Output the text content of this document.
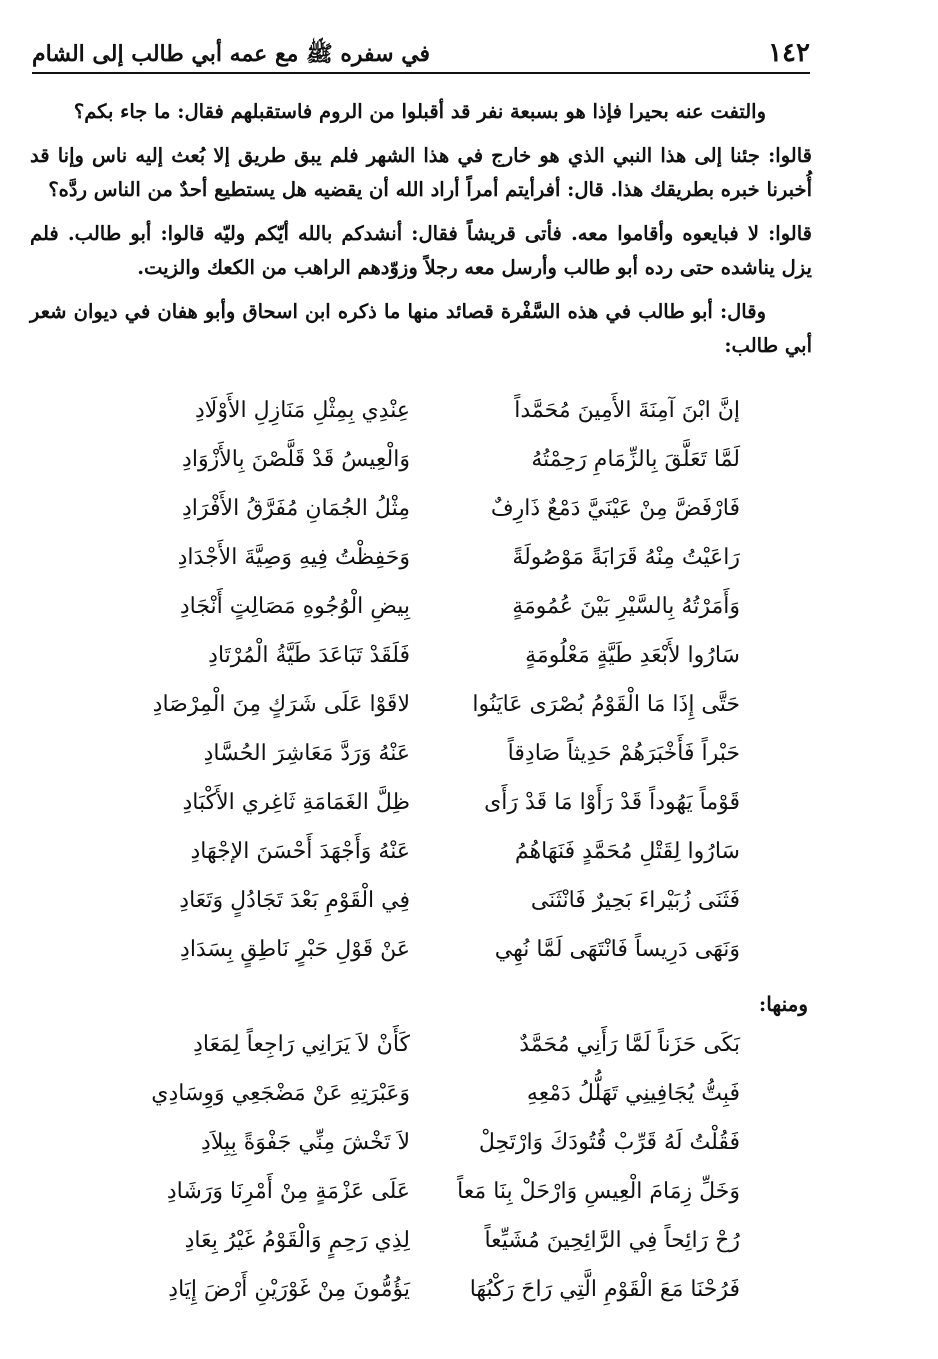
١٤٢
في سفره ﷺ مع عمه أبي طالب إلى الشام

والتفت عنه بحيرا فإذا هو بسبعة نفر قد أقبلوا من الروم فاستقبلهم فقال: ما جاء بكم؟

قالوا: جئنا إلى هذا النبي الذي هو خارج في هذا الشهر فلم يبق طريق إلا بُعث إليه ناس وإنا قد أُخبرنا خبره بطريقك هذا. قال: أفرأيتم أمراً أراد الله أن يقضيه هل يستطيع أحدٌ من الناس ردَّه؟

قالوا: لا فبايعوه وأقاموا معه. فأتى قريشاً فقال: أنشدكم بالله أيّكم وليّه قالوا: أبو طالب. فلم يزل يناشده حتى رده أبو طالب وأرسل معه رجلاً وزوّدهم الراهب من الكعك والزيت.

وقال: أبو طالب في هذه السَّفْرة قصائد منها ما ذكره ابن اسحاق وأبو هفان في ديوان شعر أبي طالب:

إنَّ ابْنَ آمِنَةَ الأَمِينَ مُحَمَّداً
عِنْدِي بِمِثْلِ مَنَازِلِ الأَوْلَادِ
لَمَّا تَعَلَّقَ بِالزِّمَامِ رَحِمْتُهُ
وَالْعِيسُ قَدْ قَلَّصْنَ بِالأَزْوَادِ
فَارْفَضَّ مِنْ عَيْنَيَّ دَمْعٌ ذَارِفٌ
مِثْلُ الجُمَانِ مُفَرَّقُ الأَفْرَادِ
رَاعَيْتُ مِنْهُ قَرَابَةً مَوْصُولَةً
وَحَفِظْتُ فِيهِ وَصِيَّةَ الأَجْدَادِ
وَأَمَرْتُهُ بِالسَّيْرِ بَيْنَ عُمُومَةٍ
بِيضِ الْوُجُوهِ مَصَالِتٍ أَنْجَادِ
سَارُوا لأَبْعَدِ طَيَّةٍ مَعْلُومَةٍ
فَلَقَدْ تَبَاعَدَ طَيَّةُ الْمُرْتَادِ
حَتَّى إِذَا مَا الْقَوْمُ بُصْرَى عَايَنُوا
لاقَوْا عَلَى شَرَكٍ مِنَ الْمِرْصَادِ
حَبْراً فَأَخْبَرَهُمْ حَدِيثاً صَادِقاً
عَنْهُ وَرَدَّ مَعَاشِرَ الحُسَّادِ
قَوْماً يَهُوداً قَدْ رَأَوْا مَا قَدْ رَأَى
ظِلَّ الغَمَامَةِ ثَاغِري الأَكْبَادِ
سَارُوا لِقَتْلِ مُحَمَّدٍ فَنَهَاهُمُ
عَنْهُ وَأَجْهَدَ أَحْسَنَ الإجْهَادِ
فَثَنَى زُبَيْراءَ بَحِيرٌ فَانْثَنَى
فِي الْقَوْمِ بَعْدَ تَجَادُلٍ وَتَعَادِ
وَنَهَى دَرِيساً فَانْتَهَى لَمَّا نُهِي
عَنْ قَوْلِ حَبْرٍ نَاطِقٍ بِسَدَادِ
ومنها:
بَكَى حَزَناً لَمَّا رَأَنِي مُحَمَّدٌ
كَأَنْ لاَ يَرَانِي رَاجِعاً لِمَعَادِ
فَبِتُّ يُجَافِينِي تَهَلُّلُ دَمْعِهِ
وَعَبْرَتِهِ عَنْ مَضْجَعِي وَوِسَادِي
فَقُلْتُ لَهُ قَرِّبْ قُتُودَكَ وَارْتَحِلْ
لاَ تَخْشَ مِنِّي جَفْوَةً بِبِلاَدِ
وَخَلِّ زِمَامَ الْعِيسِ وَارْحَلْ بِنَا مَعاً
عَلَى عَزْمَةٍ مِنْ أَمْرِنَا وَرَشَادِ
رُحْ رَائِحاً فِي الرَّائِحِينَ مُشَيِّعاً
لِذِي رَحِمٍ وَالْقَوْمُ غَيْرُ بِعَادِ
فَرُحْنَا مَعَ الْقَوْمِ الَّتِي رَاحَ رَكْبُهَا
يَؤُمُّونَ مِنْ غَوْرَيْنِ أَرْضَ إِيَادِ
